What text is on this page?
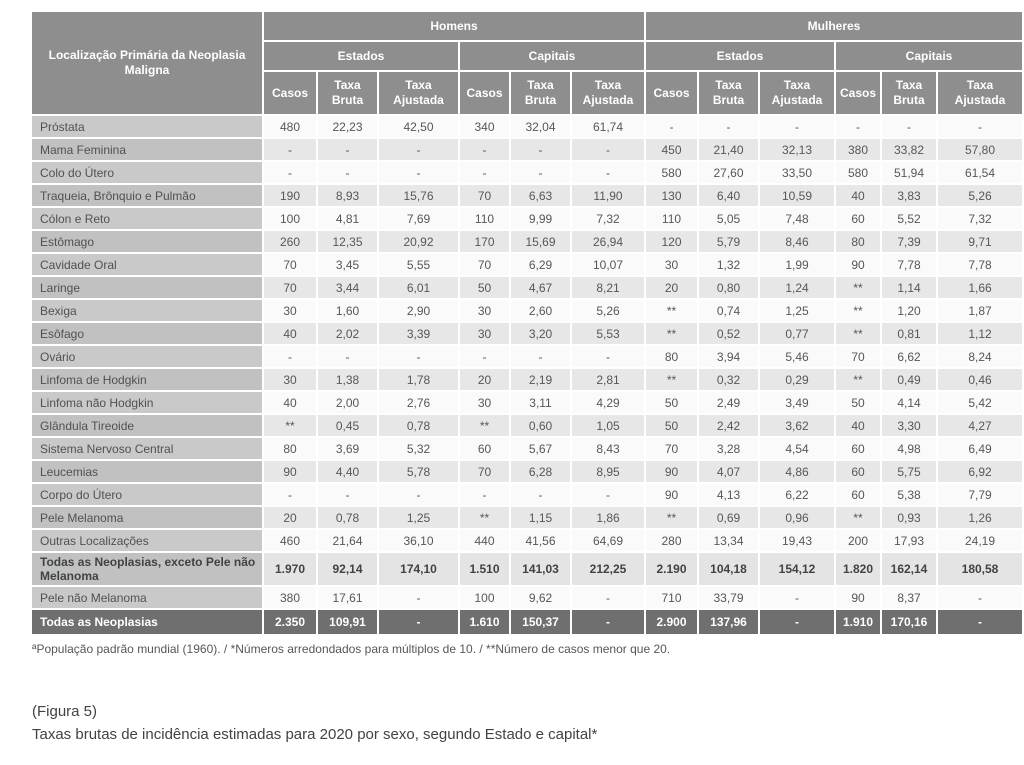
Localização Primária da Neoplasia Maligna	Homens						Mulheres					
	Estados			Capitais			Estados			Capitais		
	Casos	Taxa Bruta	Taxa Ajustada	Casos	Taxa Bruta	Taxa Ajustada	Casos	Taxa Bruta	Taxa Ajustada	Casos	Taxa Bruta	Taxa Ajustada
Próstata	480	22,23	42,50	340	32,04	61,74	-	-	-	-	-	-
Mama Feminina	-	-	-	-	-	-	450	21,40	32,13	380	33,82	57,80
Colo do Útero	-	-	-	-	-	-	580	27,60	33,50	580	51,94	61,54
Traqueia, Brônquio e Pulmão	190	8,93	15,76	70	6,63	11,90	130	6,40	10,59	40	3,83	5,26
Cólon e Reto	100	4,81	7,69	110	9,99	7,32	110	5,05	7,48	60	5,52	7,32
Estômago	260	12,35	20,92	170	15,69	26,94	120	5,79	8,46	80	7,39	9,71
Cavidade Oral	70	3,45	5,55	70	6,29	10,07	30	1,32	1,99	90	7,78	7,78
Laringe	70	3,44	6,01	50	4,67	8,21	20	0,80	1,24	**	1,14	1,66
Bexiga	30	1,60	2,90	30	2,60	5,26	**	0,74	1,25	**	1,20	1,87
Esôfago	40	2,02	3,39	30	3,20	5,53	**	0,52	0,77	**	0,81	1,12
Ovário	-	-	-	-	-	-	80	3,94	5,46	70	6,62	8,24
Linfoma de Hodgkin	30	1,38	1,78	20	2,19	2,81	**	0,32	0,29	**	0,49	0,46
Linfoma não Hodgkin	40	2,00	2,76	30	3,11	4,29	50	2,49	3,49	50	4,14	5,42
Glândula Tireoide	**	0,45	0,78	**	0,60	1,05	50	2,42	3,62	40	3,30	4,27
Sistema Nervoso Central	80	3,69	5,32	60	5,67	8,43	70	3,28	4,54	60	4,98	6,49
Leucemias	90	4,40	5,78	70	6,28	8,95	90	4,07	4,86	60	5,75	6,92
Corpo do Útero	-	-	-	-	-	-	90	4,13	6,22	60	5,38	7,79
Pele Melanoma	20	0,78	1,25	**	1,15	1,86	**	0,69	0,96	**	0,93	1,26
Outras Localizações	460	21,64	36,10	440	41,56	64,69	280	13,34	19,43	200	17,93	24,19
Todas as Neoplasias, exceto Pele não Melanoma	1.970	92,14	174,10	1.510	141,03	212,25	2.190	104,18	154,12	1.820	162,14	180,58
Pele não Melanoma	380	17,61	-	100	9,62	-	710	33,79	-	90	8,37	-
Todas as Neoplasias	2.350	109,91	-	1.610	150,37	-	2.900	137,96	-	1.910	170,16	-
ªPopulação padrão mundial (1960). / *Números arredondados para múltiplos de 10. / **Número de casos menor que 20.
(Figura 5)
Taxas brutas de incidência estimadas para 2020 por sexo, segundo Estado e capital*
